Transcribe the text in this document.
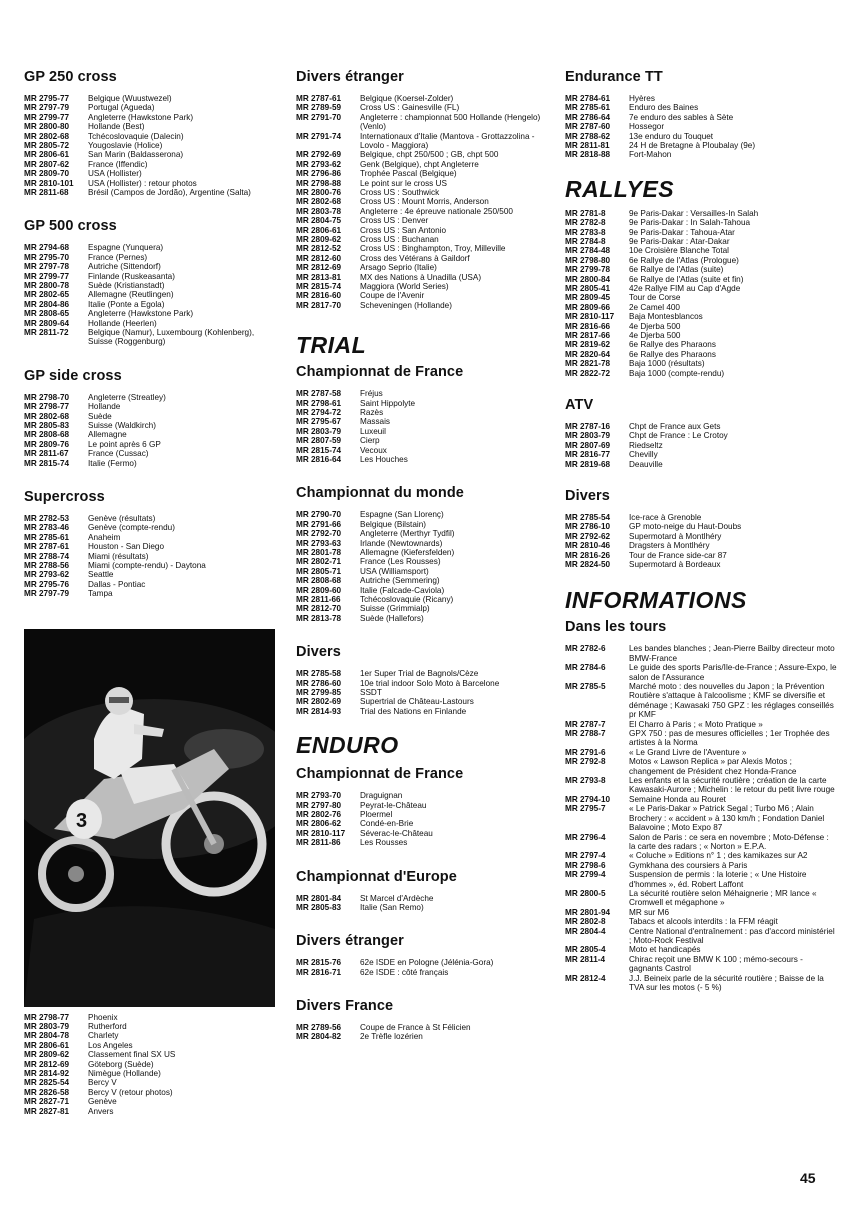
GP 250 cross
MR 2795-77	Belgique (Wuustwezel)
MR 2797-79	Portugal (Agueda)
MR 2799-77	Angleterre (Hawkstone Park)
MR 2800-80	Hollande (Best)
MR 2802-68	Tchécoslovaquie (Dalecin)
MR 2805-72	Yougoslavie (Holice)
MR 2806-61	San Marin (Baldasserona)
MR 2807-62	France (Iffendic)
MR 2809-70	USA (Hollister)
MR 2810-101	USA (Hollister) : retour photos
MR 2811-68	Brésil (Campos de Jordão), Argentine (Salta)
GP 500 cross
MR 2794-68	Espagne (Yunquera)
MR 2795-70	France (Pernes)
MR 2797-78	Autriche (Sittendorf)
MR 2799-77	Finlande (Ruskeasanta)
MR 2800-78	Suède (Kristianstadt)
MR 2802-65	Allemagne (Reutlingen)
MR 2804-86	Italie (Ponte a Egola)
MR 2808-65	Angleterre (Hawkstone Park)
MR 2809-64	Hollande (Heerlen)
MR 2811-72	Belgique (Namur), Luxembourg (Kohlenberg), Suisse (Roggenburg)
GP side cross
MR 2798-70	Angleterre (Streatley)
MR 2798-77	Hollande
MR 2802-68	Suède
MR 2805-83	Suisse (Waldkirch)
MR 2808-68	Allemagne
MR 2809-76	Le point après 6 GP
MR 2811-67	France (Cussac)
MR 2815-74	Italie (Fermo)
Supercross
MR 2782-53	Genève (résultats)
MR 2783-46	Genève (compte-rendu)
MR 2785-61	Anaheim
MR 2787-61	Houston - San Diego
MR 2788-74	Miami (résultats)
MR 2788-56	Miami (compte-rendu) - Daytona
MR 2793-62	Seattle
MR 2795-76	Dallas - Pontiac
MR 2797-79	Tampa
3
MR 2798-77	Phoenix
MR 2803-79	Rutherford
MR 2804-78	Charlety
MR 2806-61	Los Angeles
MR 2809-62	Classement final SX US
MR 2812-69	Göteborg (Suède)
MR 2814-92	Nimègue (Hollande)
MR 2825-54	Bercy V
MR 2826-58	Bercy V (retour photos)
MR 2827-71	Genève
MR 2827-81	Anvers
Divers étranger
MR 2787-61	Belgique (Koersel-Zolder)
MR 2789-59	Cross US : Gainesville (FL)
MR 2791-70	Angleterre : championnat 500 Hollande (Hengelo) (Venlo)
MR 2791-74	Internationaux d'Italie (Mantova - Grottazzolina - Lovolo - Maggiora)
MR 2792-69	Belgique, chpt 250/500 ; GB, chpt 500
MR 2793-62	Genk (Belgique), chpt Angleterre
MR 2796-86	Trophée Pascal (Belgique)
MR 2798-88	Le point sur le cross US
MR 2800-76	Cross US : Southwick
MR 2802-68	Cross US : Mount Morris, Anderson
MR 2803-78	Angleterre : 4e épreuve nationale 250/500
MR 2804-75	Cross US : Denver
MR 2806-61	Cross US : San Antonio
MR 2809-62	Cross US : Buchanan
MR 2812-52	Cross US : Binghampton, Troy, Milleville
MR 2812-60	Cross des Vétérans à Gaildorf
MR 2812-69	Arsago Seprio (Italie)
MR 2813-81	MX des Nations à Unadilla (USA)
MR 2815-74	Maggiora (World Series)
MR 2816-60	Coupe de l'Avenir
MR 2817-70	Scheveningen (Hollande)
TRIAL
Championnat de France
MR 2787-58	Fréjus
MR 2798-61	Saint Hippolyte
MR 2794-72	Razès
MR 2795-67	Massais
MR 2803-79	Luxeuil
MR 2807-59	Cierp
MR 2815-74	Vecoux
MR 2816-64	Les Houches
Championnat du monde
MR 2790-70	Espagne (San Llorenç)
MR 2791-66	Belgique (Bilstain)
MR 2792-70	Angleterre (Merthyr Tydfil)
MR 2793-63	Irlande (Newtownards)
MR 2801-78	Allemagne (Kiefersfelden)
MR 2802-71	France (Les Rousses)
MR 2805-71	USA (Williamsport)
MR 2808-68	Autriche (Semmering)
MR 2809-60	Italie (Falcade-Caviola)
MR 2811-66	Tchécoslovaquie (Ricany)
MR 2812-70	Suisse (Grimmialp)
MR 2813-78	Suède (Hallefors)
Divers
MR 2785-58	1er Super Trial de Bagnols/Cèze
MR 2786-60	10e trial indoor Solo Moto à Barcelone
MR 2799-85	SSDT
MR 2802-69	Supertrial de Château-Lastours
MR 2814-93	Trial des Nations en Finlande
ENDURO
Championnat de France
MR 2793-70	Draguignan
MR 2797-80	Peyrat-le-Château
MR 2802-76	Ploermel
MR 2806-62	Condé-en-Brie
MR 2810-117	Séverac-le-Château
MR 2811-86	Les Rousses
Championnat d'Europe
MR 2801-84	St Marcel d'Ardèche
MR 2805-83	Italie (San Remo)
Divers étranger
MR 2815-76	62e ISDE en Pologne (Jélénia-Gora)
MR 2816-71	62e ISDE : côté français
Divers France
MR 2789-56	Coupe de France à St Félicien
MR 2804-82	2e Trèfle lozérien
Endurance TT
MR 2784-61	Hyères
MR 2785-61	Enduro des Baines
MR 2786-64	7e enduro des sables à Sète
MR 2787-60	Hossegor
MR 2788-62	13e enduro du Touquet
MR 2811-81	24 H de Bretagne à Ploubalay (9e)
MR 2818-88	Fort-Mahon
RALLYES
MR 2781-8	9e Paris-Dakar : Versailles-In Salah
MR 2782-8	9e Paris-Dakar : In Salah-Tahoua
MR 2783-8	9e Paris-Dakar : Tahoua-Atar
MR 2784-8	9e Paris-Dakar : Atar-Dakar
MR 2784-48	10e Croisière Blanche Total
MR 2798-80	6e Rallye de l'Atlas (Prologue)
MR 2799-78	6e Rallye de l'Atlas (suite)
MR 2800-84	6e Rallye de l'Atlas (suite et fin)
MR 2805-41	42e Rallye FIM au Cap d'Agde
MR 2809-45	Tour de Corse
MR 2809-66	2e Camel 400
MR 2810-117	Baja Montesblancos
MR 2816-66	4e Djerba 500
MR 2817-66	4e Djerba 500
MR 2819-62	6e Rallye des Pharaons
MR 2820-64	6e Rallye des Pharaons
MR 2821-78	Baja 1000 (résultats)
MR 2822-72	Baja 1000 (compte-rendu)
ATV
MR 2787-16	Chpt de France aux Gets
MR 2803-79	Chpt de France : Le Crotoy
MR 2807-69	Riedseltz
MR 2816-77	Chevilly
MR 2819-68	Deauville
Divers
MR 2785-54	Ice-race à Grenoble
MR 2786-10	GP moto-neige du Haut-Doubs
MR 2792-62	Supermotard à Montlhéry
MR 2810-46	Dragsters à Montlhéry
MR 2816-26	Tour de France side-car 87
MR 2824-50	Supermotard à Bordeaux
INFORMATIONS
Dans les tours
MR 2782-6	Les bandes blanches ; Jean-Pierre Bailby directeur moto BMW-France
MR 2784-6	Le guide des sports Paris/Ile-de-France ; Assure-Expo, le salon de l'Assurance
MR 2785-5	Marché moto : des nouvelles du Japon ; la Prévention Routière s'attaque à l'alcoolisme ; KMF se diversifie et déménage ; Kawasaki 750 GPZ : les réglages conseillés pr KMF
MR 2787-7	El Charro à Paris ; « Moto Pratique »
MR 2788-7	GPX 750 : pas de mesures officielles ; 1er Trophée des artistes à la Norma
MR 2791-6	« Le Grand Livre de l'Aventure »
MR 2792-8	Motos « Lawson Replica » par Alexis Motos ; changement de Président chez Honda-France
MR 2793-8	Les enfants et la sécurité routière ; création de la carte Kawasaki-Aurore ; Michelin : le retour du petit livre rouge
MR 2794-10	Semaine Honda au Rouret
MR 2795-7	« Le Paris-Dakar » Patrick Segal ; Turbo M6 ; Alain Brochery : « accident » à 130 km/h ; Fondation Daniel Balavoine ; Moto Expo 87
MR 2796-4	Salon de Paris : ce sera en novembre ; Moto-Défense : la carte des radars ; « Norton » E.P.A.
MR 2797-4	« Coluche » Editions n° 1 ; des kamikazes sur A2
MR 2798-6	Gymkhana des coursiers à Paris
MR 2799-4	Suspension de permis : la loterie ; « Une Histoire d'hommes », éd. Robert Laffont
MR 2800-5	La sécurité routière selon Méhaignerie ; MR lance « Cromwell et mégaphone »
MR 2801-94	MR sur M6
MR 2802-8	Tabacs et alcools interdits : la FFM réagit
MR 2804-4	Centre National d'entraînement : pas d'accord ministériel ; Moto-Rock Festival
MR 2805-4	Moto et handicapés
MR 2811-4	Chirac reçoit une BMW K 100 ; mémo-secours - gagnants Castrol
MR 2812-4	J.J. Beineix parle de la sécurité routière ; Baisse de la TVA sur les motos (- 5 %)
45
